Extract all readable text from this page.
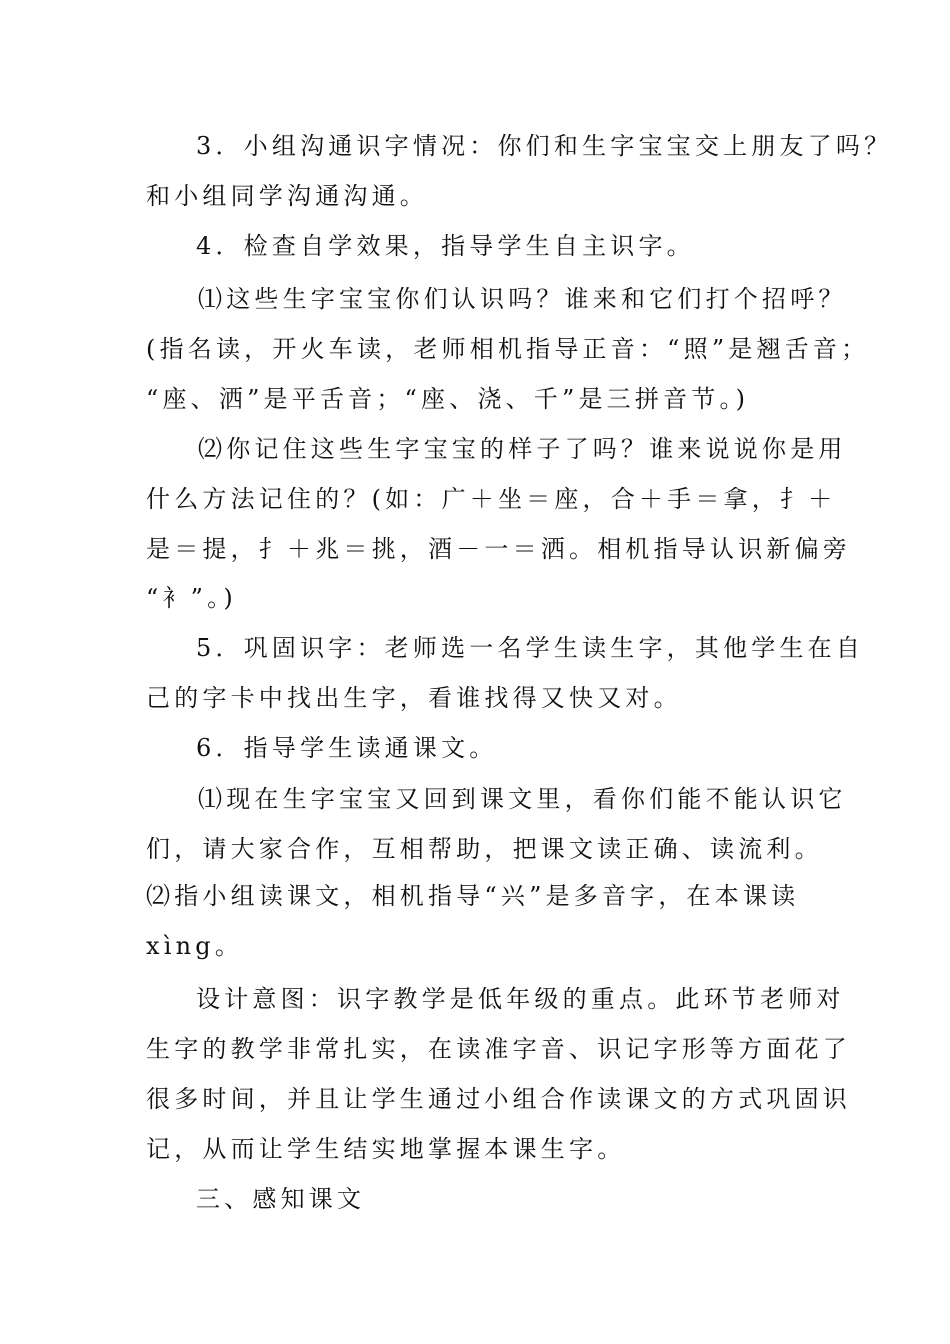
3．小组沟通识字情况：你们和生字宝宝交上朋友了吗？
和小组同学沟通沟通。
4．检查自学效果，指导学生自主识字。
⑴这些生字宝宝你们认识吗？谁来和它们打个招呼？
(指名读，开火车读，老师相机指导正音：“照”是翘舌音；
“座、洒”是平舌音；“座、浇、千”是三拼音节。)
⑵你记住这些生字宝宝的样子了吗？谁来说说你是用
什么方法记住的？(如：广＋坐＝座，合＋手＝拿，扌＋
是＝提，扌＋兆＝挑，酒－一＝洒。相机指导认识新偏旁
“衤”。)
5．巩固识字：老师选一名学生读生字，其他学生在自
己的字卡中找出生字，看谁找得又快又对。
6．指导学生读通课文。
⑴现在生字宝宝又回到课文里，看你们能不能认识它
们，请大家合作，互相帮助，把课文读正确、读流利。
⑵指小组读课文，相机指导“兴”是多音字，在本课读
xìng。
设计意图：识字教学是低年级的重点。此环节老师对
生字的教学非常扎实，在读准字音、识记字形等方面花了
很多时间，并且让学生通过小组合作读课文的方式巩固识
记，从而让学生结实地掌握本课生字。
三、感知课文
